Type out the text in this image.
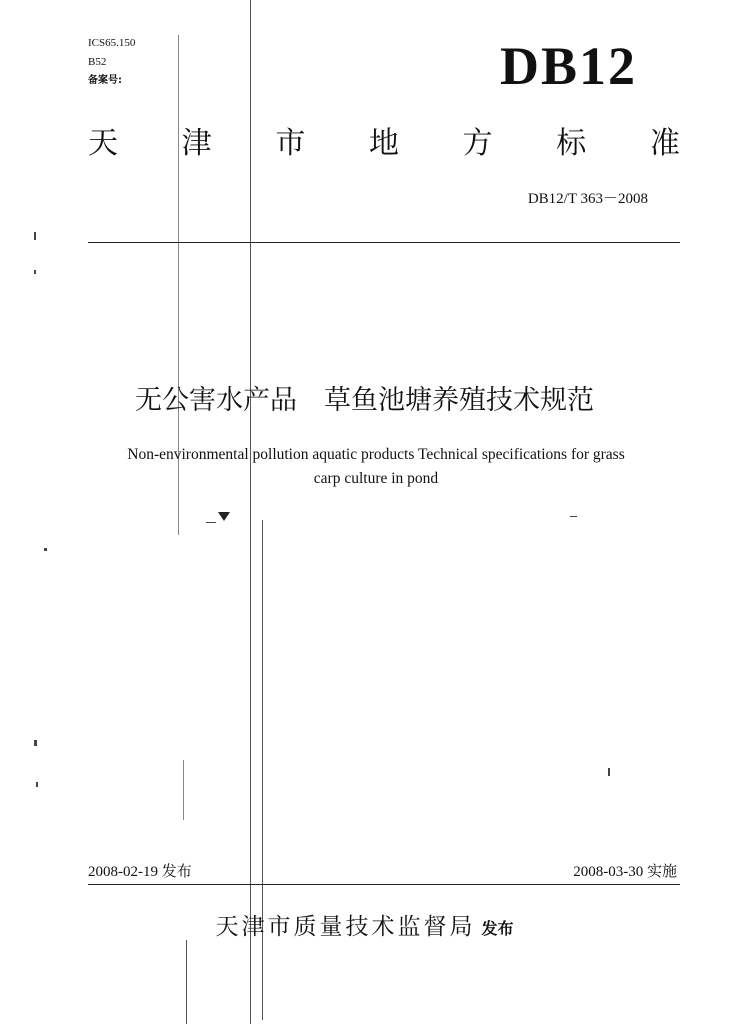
ICS65.150
B52
备案号:	DB12
天 津 市 地 方 标 准
DB12/T 363－2008
无公害水产品　草鱼池塘养殖技术规范
Non-environmental pollution aquatic products Technical specifications for grass
carp culture in pond
2008-02-19 发布	2008-03-30 实施
天津市质量技术监督局 发布
